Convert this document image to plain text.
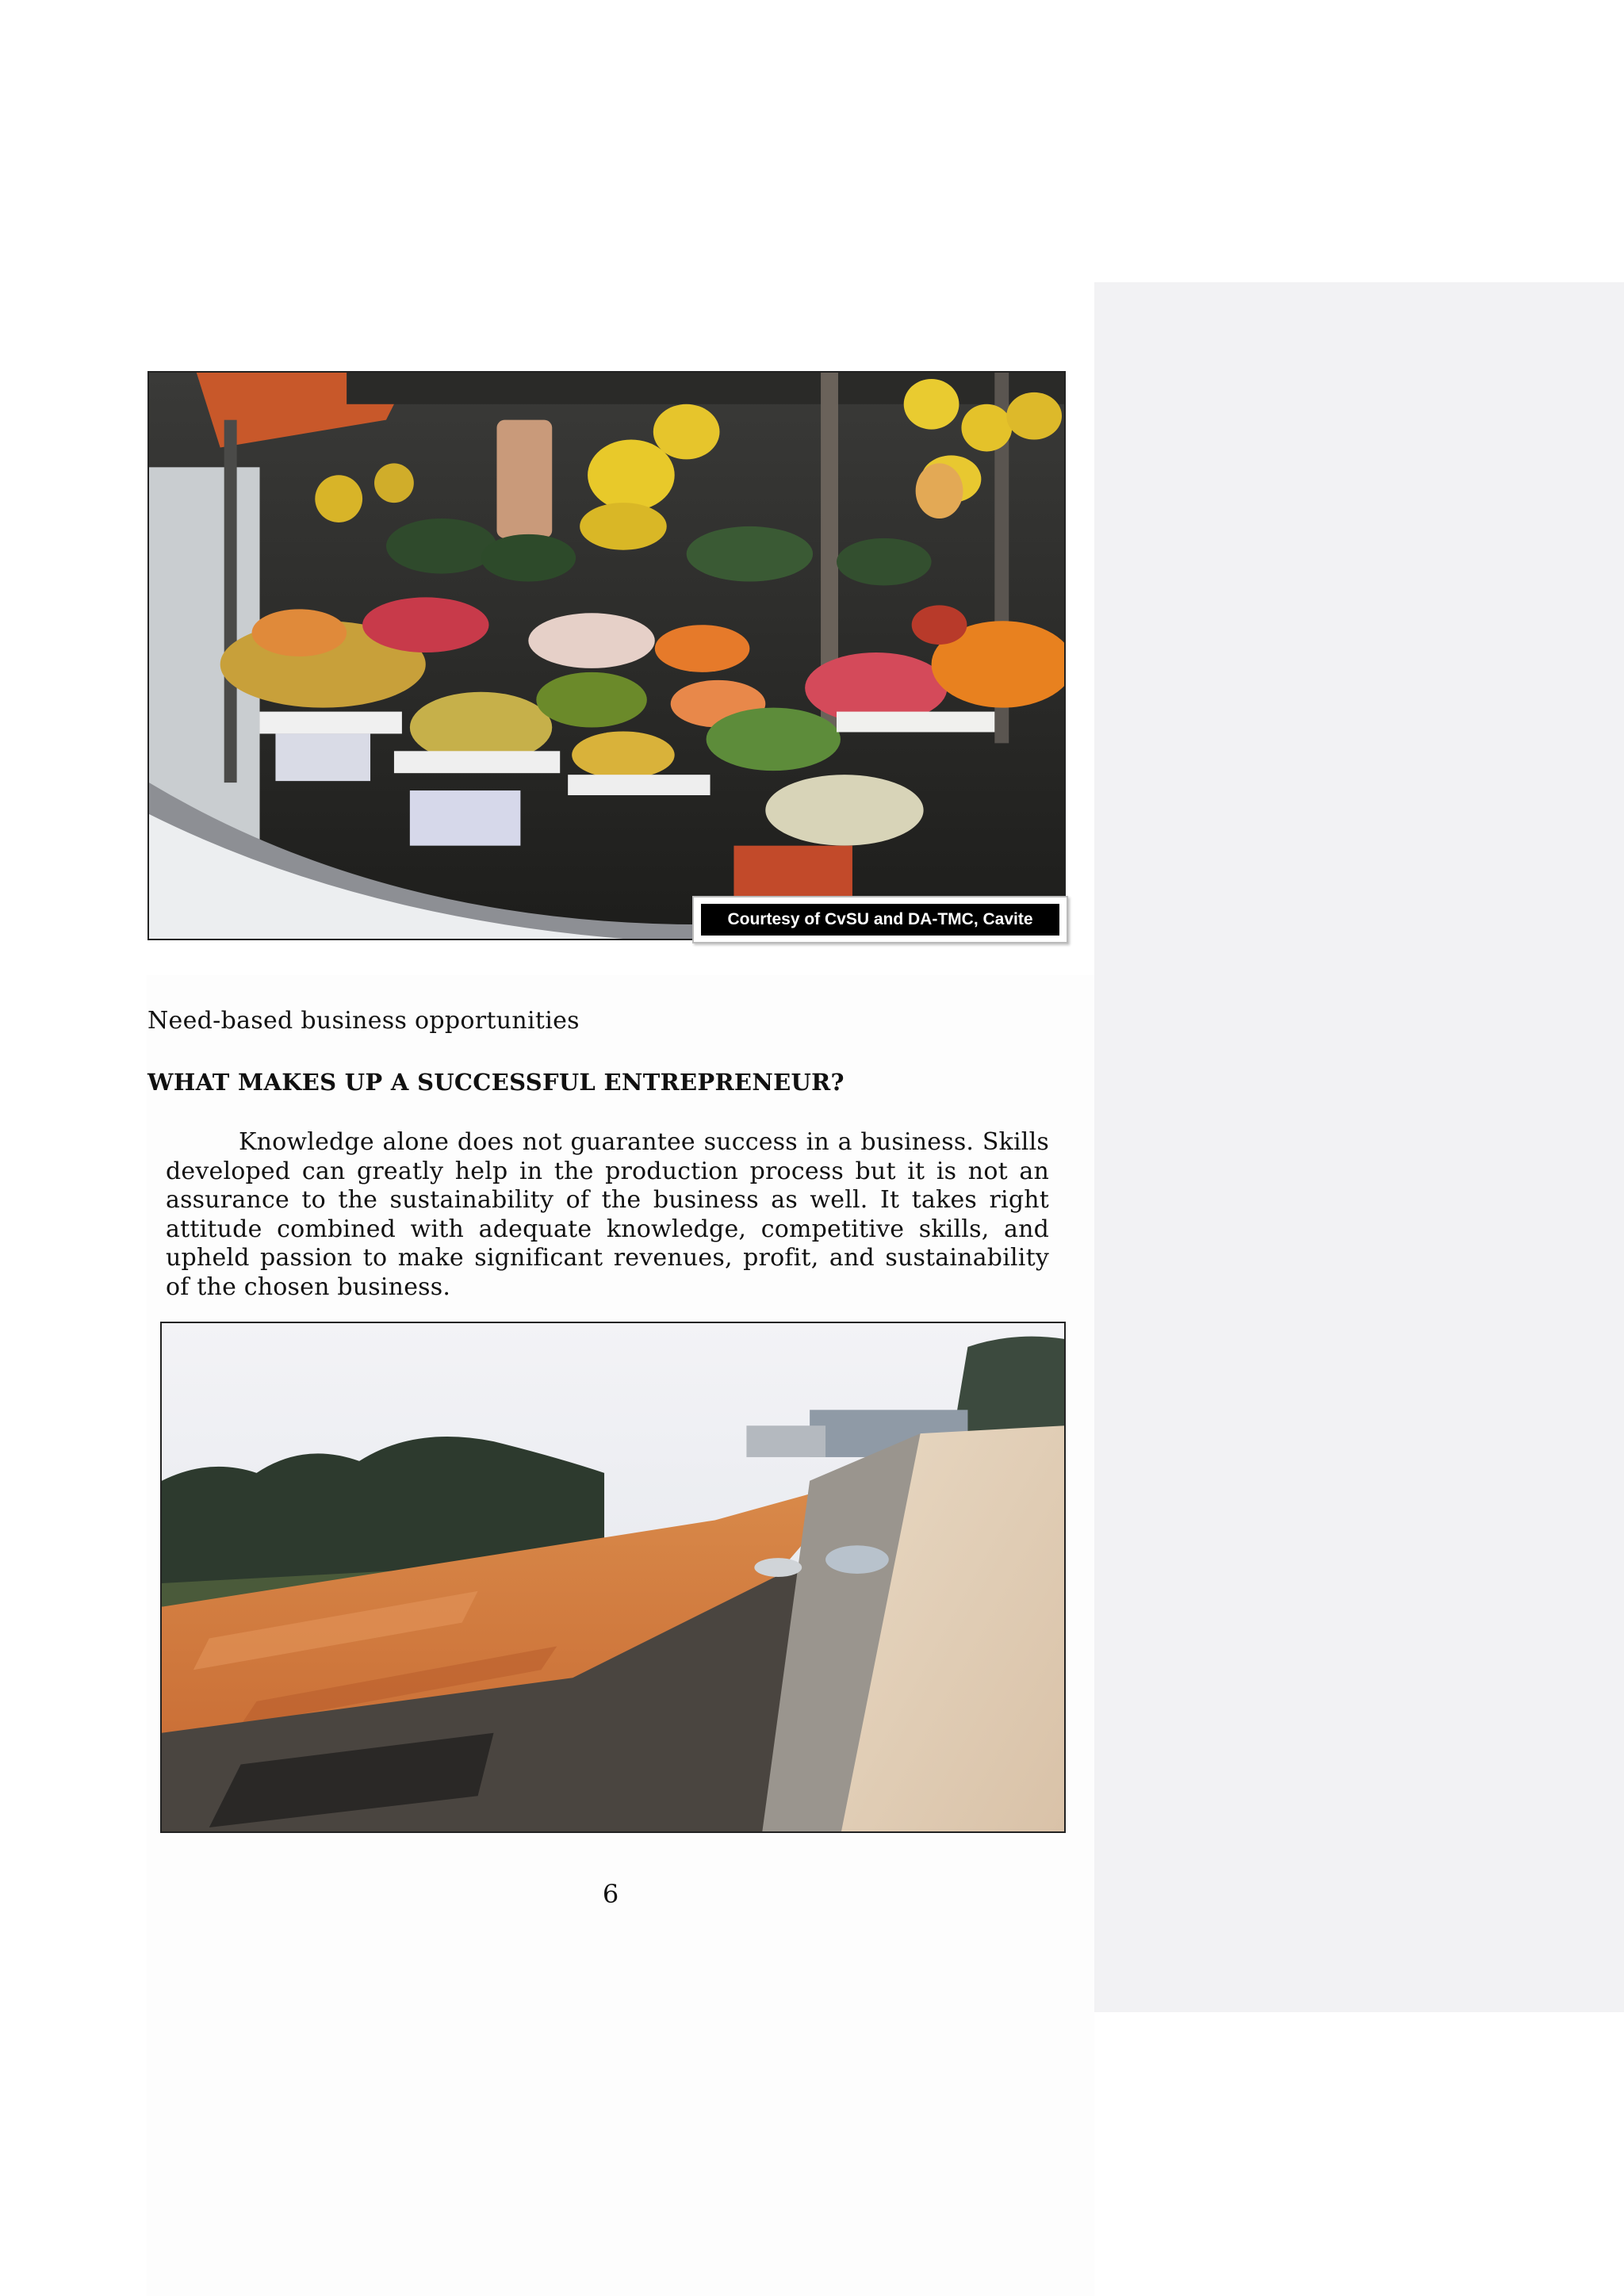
Courtesy of CvSU and DA-TMC, Cavite
Need-based business opportunities
WHAT MAKES UP A SUCCESSFUL ENTREPRENEUR?
Knowledge alone does not guarantee success in a business. Skills developed can greatly help in the production process but it is not an assurance to the sustainability of the business as well. It takes right attitude combined with adequate knowledge, competitive skills, and upheld passion to make significant revenues, profit, and sustainability of the chosen business.
6
